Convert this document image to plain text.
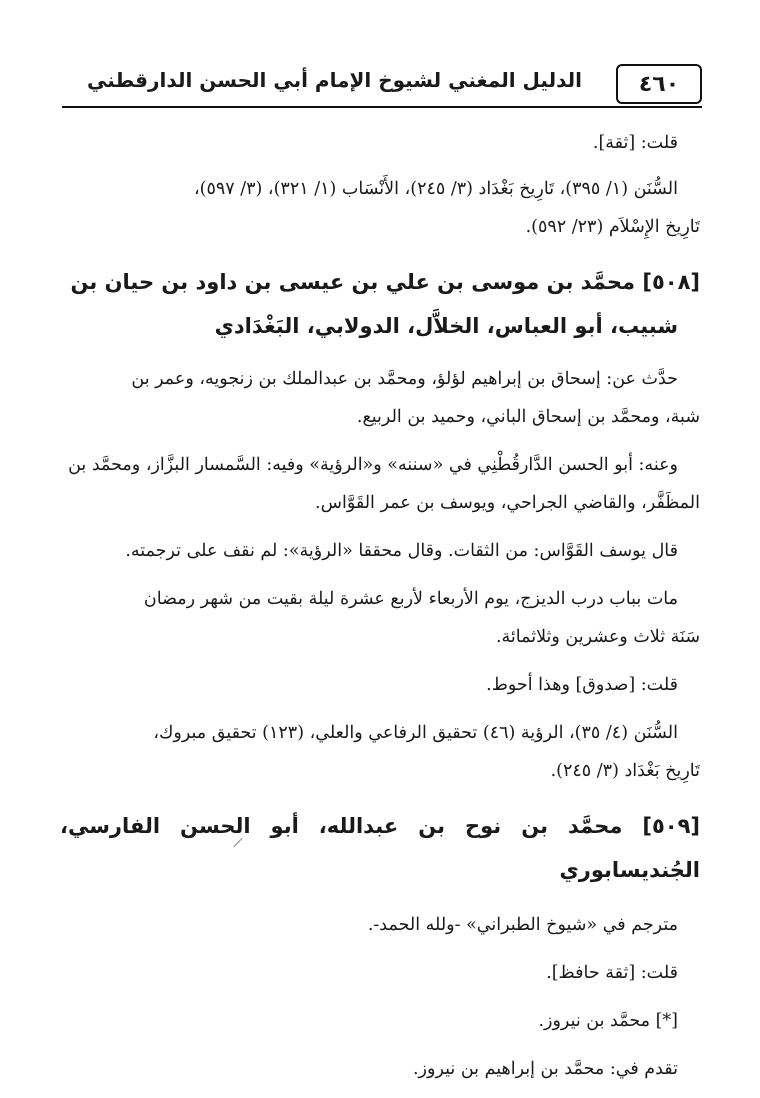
٤٦٠
الدليل المغني لشيوخ الإمام أبي الحسن الدارقطني

قلت: [ثقة].

السُّنَن (١/ ٣٩٥)، تَارِيخ بَغْدَاد (٣/ ٢٤٥)، الأَنْسَاب (١/ ٣٢١)، (٣/ ٥٩٧)،

تَارِيخ الإِسْلاَم (٢٣/ ٥٩٢).

[٥٠٨] محمَّد بن موسى بن علي بن عيسى بن داود بن حيان بن
شبيب، أبو العباس، الخلاَّل، الدولابي، البَغْدَادي

حدَّث عن: إسحاق بن إبراهيم لؤلؤ، ومحمَّد بن عبدالملك بن زنجويه، وعمر بن

شبة، ومحمَّد بن إسحاق الباني، وحميد بن الربيع.

وعنه: أبو الحسن الدَّارقُطْنِي في «سننه» و«الرؤية» وفيه: السَّمسار البزَّاز، ومحمَّد بن

المظَفَّر، والقاضي الجراحي، ويوسف بن عمر القَوَّاس.

قال يوسف القَوَّاس: من الثقات. وقال محققا «الرؤية»: لم نقف على ترجمته.

مات بباب درب الديزج، يوم الأربعاء لأربع عشرة ليلة بقيت من شهر رمضان

سَنَة ثلاث وعشرين وثلاثمائة.

قلت: [صدوق] وهذا أحوط.

السُّنَن (٤/ ٣٥)، الرؤية (٤٦) تحقيق الرفاعي والعلي، (١٢٣) تحقيق مبروك،

تَارِيخ بَغْدَاد (٣/ ٢٤٥).

[٥٠٩] محمَّد بن نوح بن عبدالله، أبو الحسن الفارسي، الجُنديسابوري

مترجم في «شيوخ الطبراني» -ولله الحمد-.

قلت: [ثقة حافظ].

[*] محمَّد بن نيروز.

تقدم في: محمَّد بن إبراهيم بن نيروز.
